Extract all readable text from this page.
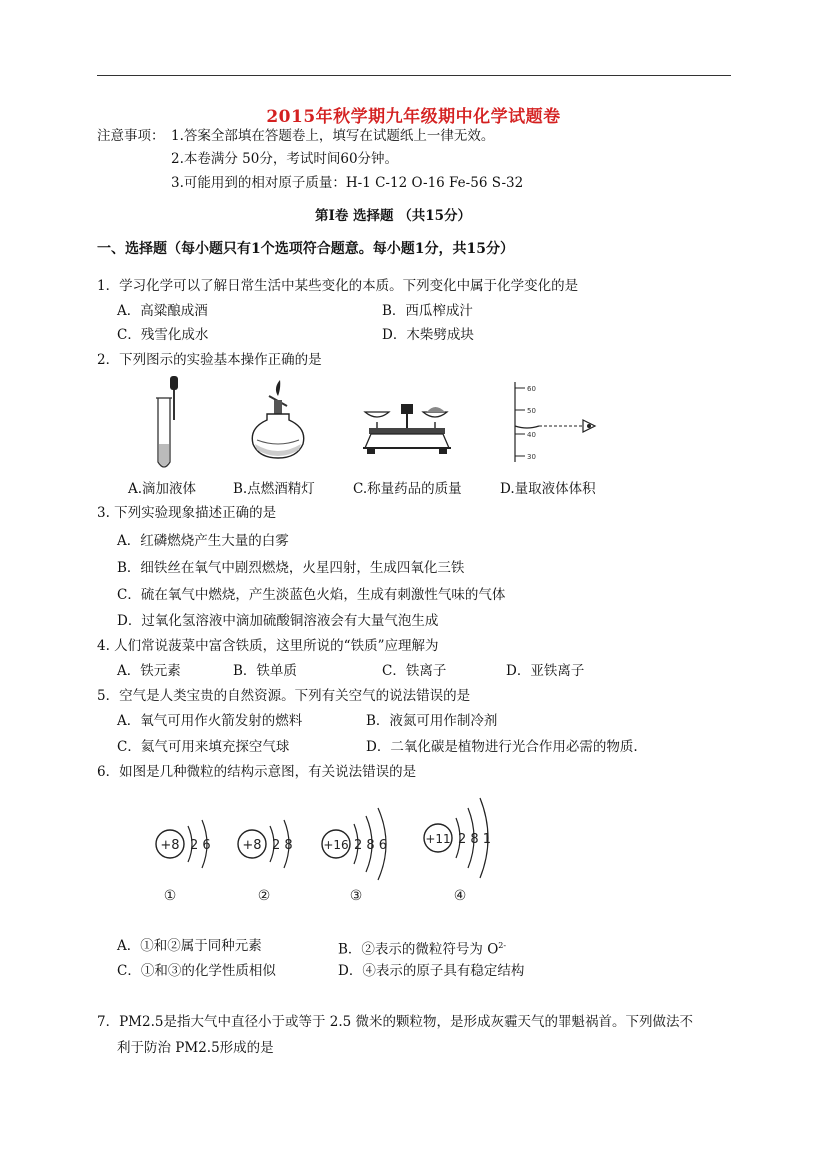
2015年秋学期九年级期中化学试题卷
注意事项： 1.答案全部填在答题卷上，填写在试题纸上一律无效。
2.本卷满分 50分，考试时间60分钟。
3.可能用到的相对原子质量：H-1 C-12 O-16 Fe-56 S-32
第Ⅰ卷 选择题 （共15分）
一、选择题（每小题只有1个选项符合题意。每小题1分，共15分）
1．学习化学可以了解日常生活中某些变化的本质。下列变化中属于化学变化的是
A．高粱酿成酒	B．西瓜榨成汁
C．残雪化成水	D．木柴劈成块
2．下列图示的实验基本操作正确的是
60
50
40
30
A.滴加液体	B.点燃酒精灯	C.称量药品的质量	D.量取液体体积
3. 下列实验现象描述正确的是
A．红磷燃烧产生大量的白雾
B．细铁丝在氧气中剧烈燃烧，火星四射，生成四氧化三铁
C．硫在氧气中燃烧，产生淡蓝色火焰，生成有刺激性气味的气体
D．过氧化氢溶液中滴加硫酸铜溶液会有大量气泡生成
4. 人们常说菠菜中富含铁质，这里所说的“铁质”应理解为
A．铁元素	B．铁单质	C．铁离子	D．亚铁离子
5．空气是人类宝贵的自然资源。下列有关空气的说法错误的是
A．氧气可用作火箭发射的燃料	B．液氮可用作制冷剂
C．氦气可用来填充探空气球	D．二氧化碳是植物进行光合作用必需的物质.
6．如图是几种微粒的结构示意图，有关说法错误的是
+8 2 6
①
+8 2 8
②
+16 2 8 6
③
+11 2 8 1
④
A．①和②属于同种元素	B．②表示的微粒符号为 $O^{2-}$
C．①和③的化学性质相似	D．④表示的原子具有稳定结构
7．PM2.5是指大气中直径小于或等于 2.5 微米的颗粒物，是形成灰霾天气的罪魁祸首。下列做法不
利于防治 PM2.5形成的是
